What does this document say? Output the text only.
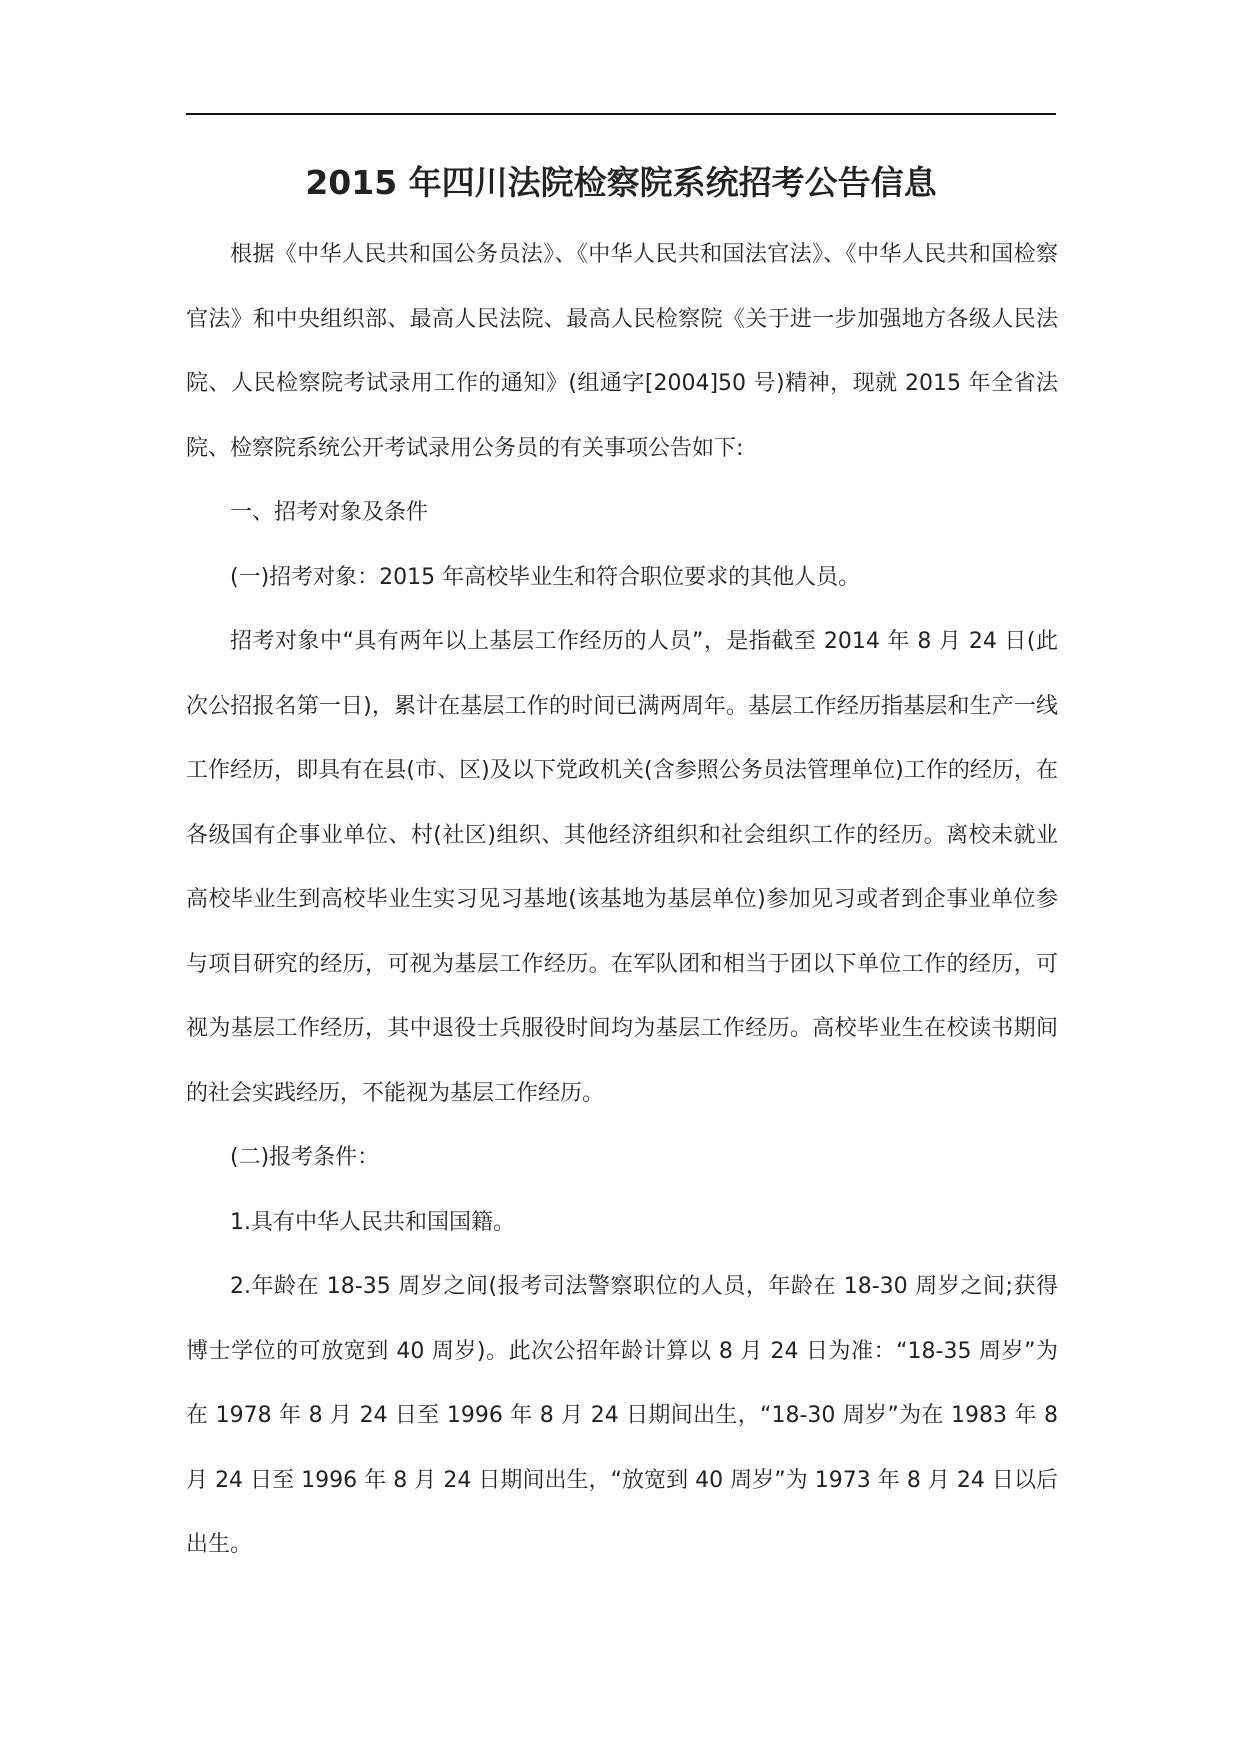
2015 年四川法院检察院系统招考公告信息

根据《中华人民共和国公务员法》、《中华人民共和国法官法》、《中华人民共和国检察官法》和中央组织部、最高人民法院、最高人民检察院《关于进一步加强地方各级人民法院、人民检察院考试录用工作的通知》(组通字[2004]50 号)精神，现就 2015 年全省法院、检察院系统公开考试录用公务员的有关事项公告如下:

一、招考对象及条件

(一)招考对象：2015 年高校毕业生和符合职位要求的其他人员。

招考对象中“具有两年以上基层工作经历的人员”，是指截至 2014 年 8 月 24 日(此次公招报名第一日)，累计在基层工作的时间已满两周年。基层工作经历指基层和生产一线工作经历，即具有在县(市、区)及以下党政机关(含参照公务员法管理单位)工作的经历，在各级国有企事业单位、村(社区)组织、其他经济组织和社会组织工作的经历。离校未就业高校毕业生到高校毕业生实习见习基地(该基地为基层单位)参加见习或者到企事业单位参与项目研究的经历，可视为基层工作经历。在军队团和相当于团以下单位工作的经历，可视为基层工作经历，其中退役士兵服役时间均为基层工作经历。高校毕业生在校读书期间的社会实践经历，不能视为基层工作经历。

(二)报考条件：

1.具有中华人民共和国国籍。

2.年龄在 18-35 周岁之间(报考司法警察职位的人员，年龄在 18-30 周岁之间;获得博士学位的可放宽到 40 周岁)。此次公招年龄计算以 8 月 24 日为准：“18-35 周岁”为在 1978 年 8 月 24 日至 1996 年 8 月 24 日期间出生，“18-30 周岁”为在 1983 年 8 月 24 日至 1996 年 8 月 24 日期间出生，“放宽到 40 周岁”为 1973 年 8 月 24 日以后出生。
